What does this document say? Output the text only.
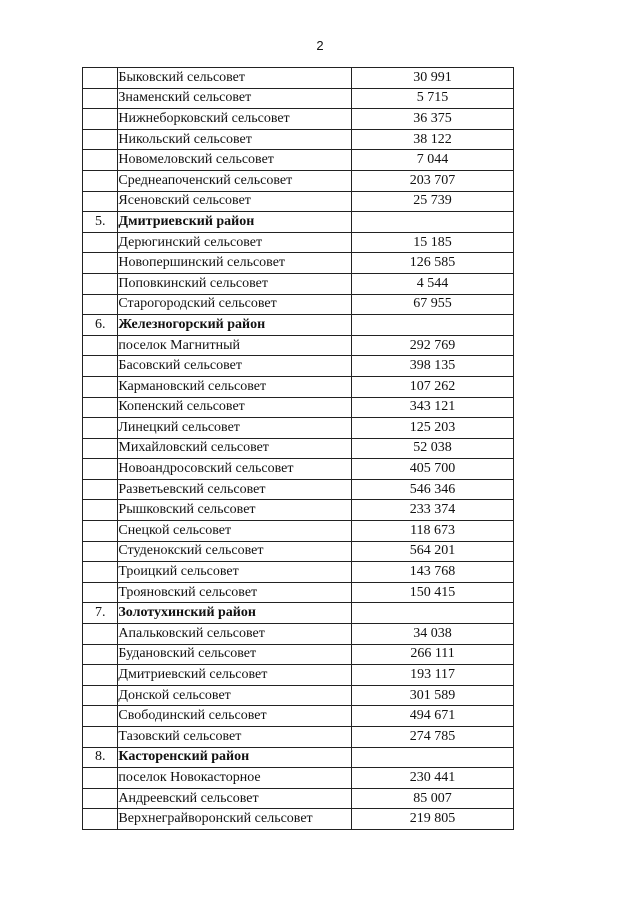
2
	Быковский сельсовет	30 991
	Знаменский сельсовет	5 715
	Нижнеборковский сельсовет	36 375
	Никольский сельсовет	38 122
	Новомеловский сельсовет	7 044
	Среднеапоченский сельсовет	203 707
	Ясеновский сельсовет	25 739
5.	Дмитриевский район	
	Дерюгинский сельсовет	15 185
	Новопершинский сельсовет	126 585
	Поповкинский сельсовет	4 544
	Старогородский сельсовет	67 955
6.	Железногорский район	
	поселок Магнитный	292 769
	Басовский сельсовет	398 135
	Кармановский сельсовет	107 262
	Копенский сельсовет	343 121
	Линецкий сельсовет	125 203
	Михайловский сельсовет	52 038
	Новоандросовский сельсовет	405 700
	Разветьевский сельсовет	546 346
	Рышковский сельсовет	233 374
	Снецкой сельсовет	118 673
	Студенокский сельсовет	564 201
	Троицкий сельсовет	143 768
	Трояновский сельсовет	150 415
7.	Золотухинский район	
	Апальковский сельсовет	34 038
	Будановский сельсовет	266 111
	Дмитриевский сельсовет	193 117
	Донской сельсовет	301 589
	Свободинский сельсовет	494 671
	Тазовский сельсовет	274 785
8.	Касторенский район	
	поселок Новокасторное	230 441
	Андреевский сельсовет	85 007
	Верхнеграйворонский сельсовет	219 805
